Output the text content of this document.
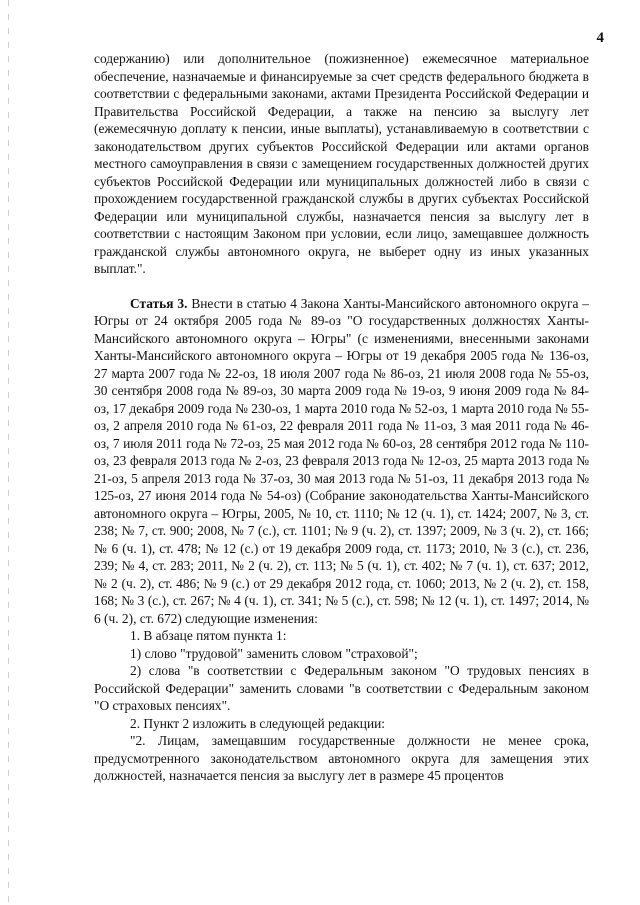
4

содержанию) или дополнительное (пожизненное) ежемесячное материальное обеспечение, назначаемые и финансируемые за счет средств федерального бюджета в соответствии с федеральными законами, актами Президента Российской Федерации и Правительства Российской Федерации, а также на пенсию за выслугу лет (ежемесячную доплату к пенсии, иные выплаты), устанавливаемую в соответствии с законодательством других субъектов Российской Федерации или актами органов местного самоуправления в связи с замещением государственных должностей других субъектов Российской Федерации или муниципальных должностей либо в связи с прохождением государственной гражданской службы в других субъектах Российской Федерации или муниципальной службы, назначается пенсия за выслугу лет в соответствии с настоящим Законом при условии, если лицо, замещавшее должность гражданской службы автономного округа, не выберет одну из иных указанных выплат.".

Статья 3. Внести в статью 4 Закона Ханты-Мансийского автономного округа – Югры от 24 октября 2005 года № 89-оз "О государственных должностях Ханты-Мансийского автономного округа – Югры" (с изменениями, внесенными законами Ханты-Мансийского автономного округа – Югры от 19 декабря 2005 года № 136-оз, 27 марта 2007 года № 22-оз, 18 июля 2007 года № 86-оз, 21 июля 2008 года № 55-оз, 30 сентября 2008 года № 89-оз, 30 марта 2009 года № 19-оз, 9 июня 2009 года № 84-оз, 17 декабря 2009 года № 230-оз, 1 марта 2010 года № 52-оз, 1 марта 2010 года № 55-оз, 2 апреля 2010 года № 61-оз, 22 февраля 2011 года № 11-оз, 3 мая 2011 года № 46-оз, 7 июля 2011 года № 72-оз, 25 мая 2012 года № 60-оз, 28 сентября 2012 года № 110-оз, 23 февраля 2013 года № 2-оз, 23 февраля 2013 года № 12-оз, 25 марта 2013 года № 21-оз, 5 апреля 2013 года № 37-оз, 30 мая 2013 года № 51-оз, 11 декабря 2013 года № 125-оз, 27 июня 2014 года № 54-оз) (Собрание законодательства Ханты-Мансийского автономного округа – Югры, 2005, № 10, ст. 1110; № 12 (ч. 1), ст. 1424; 2007, № 3, ст. 238; № 7, ст. 900; 2008, № 7 (с.), ст. 1101; № 9 (ч. 2), ст. 1397; 2009, № 3 (ч. 2), ст. 166; № 6 (ч. 1), ст. 478; № 12 (с.) от 19 декабря 2009 года, ст. 1173; 2010, № 3 (с.), ст. 236, 239; № 4, ст. 283; 2011, № 2 (ч. 2), ст. 113; № 5 (ч. 1), ст. 402; № 7 (ч. 1), ст. 637; 2012, № 2 (ч. 2), ст. 486; № 9 (с.) от 29 декабря 2012 года, ст. 1060; 2013, № 2 (ч. 2), ст. 158, 168; № 3 (с.), ст. 267; № 4 (ч. 1), ст. 341; № 5 (с.), ст. 598; № 12 (ч. 1), ст. 1497; 2014, № 6 (ч. 2), ст. 672) следующие изменения:

1. В абзаце пятом пункта 1:

1) слово "трудовой" заменить словом "страховой";

2) слова "в соответствии с Федеральным законом "О трудовых пенсиях в Российской Федерации" заменить словами "в соответствии с Федеральным законом "О страховых пенсиях".

2. Пункт 2 изложить в следующей редакции:

"2. Лицам, замещавшим государственные должности не менее срока, предусмотренного законодательством автономного округа для замещения этих должностей, назначается пенсия за выслугу лет в размере 45 процентов
